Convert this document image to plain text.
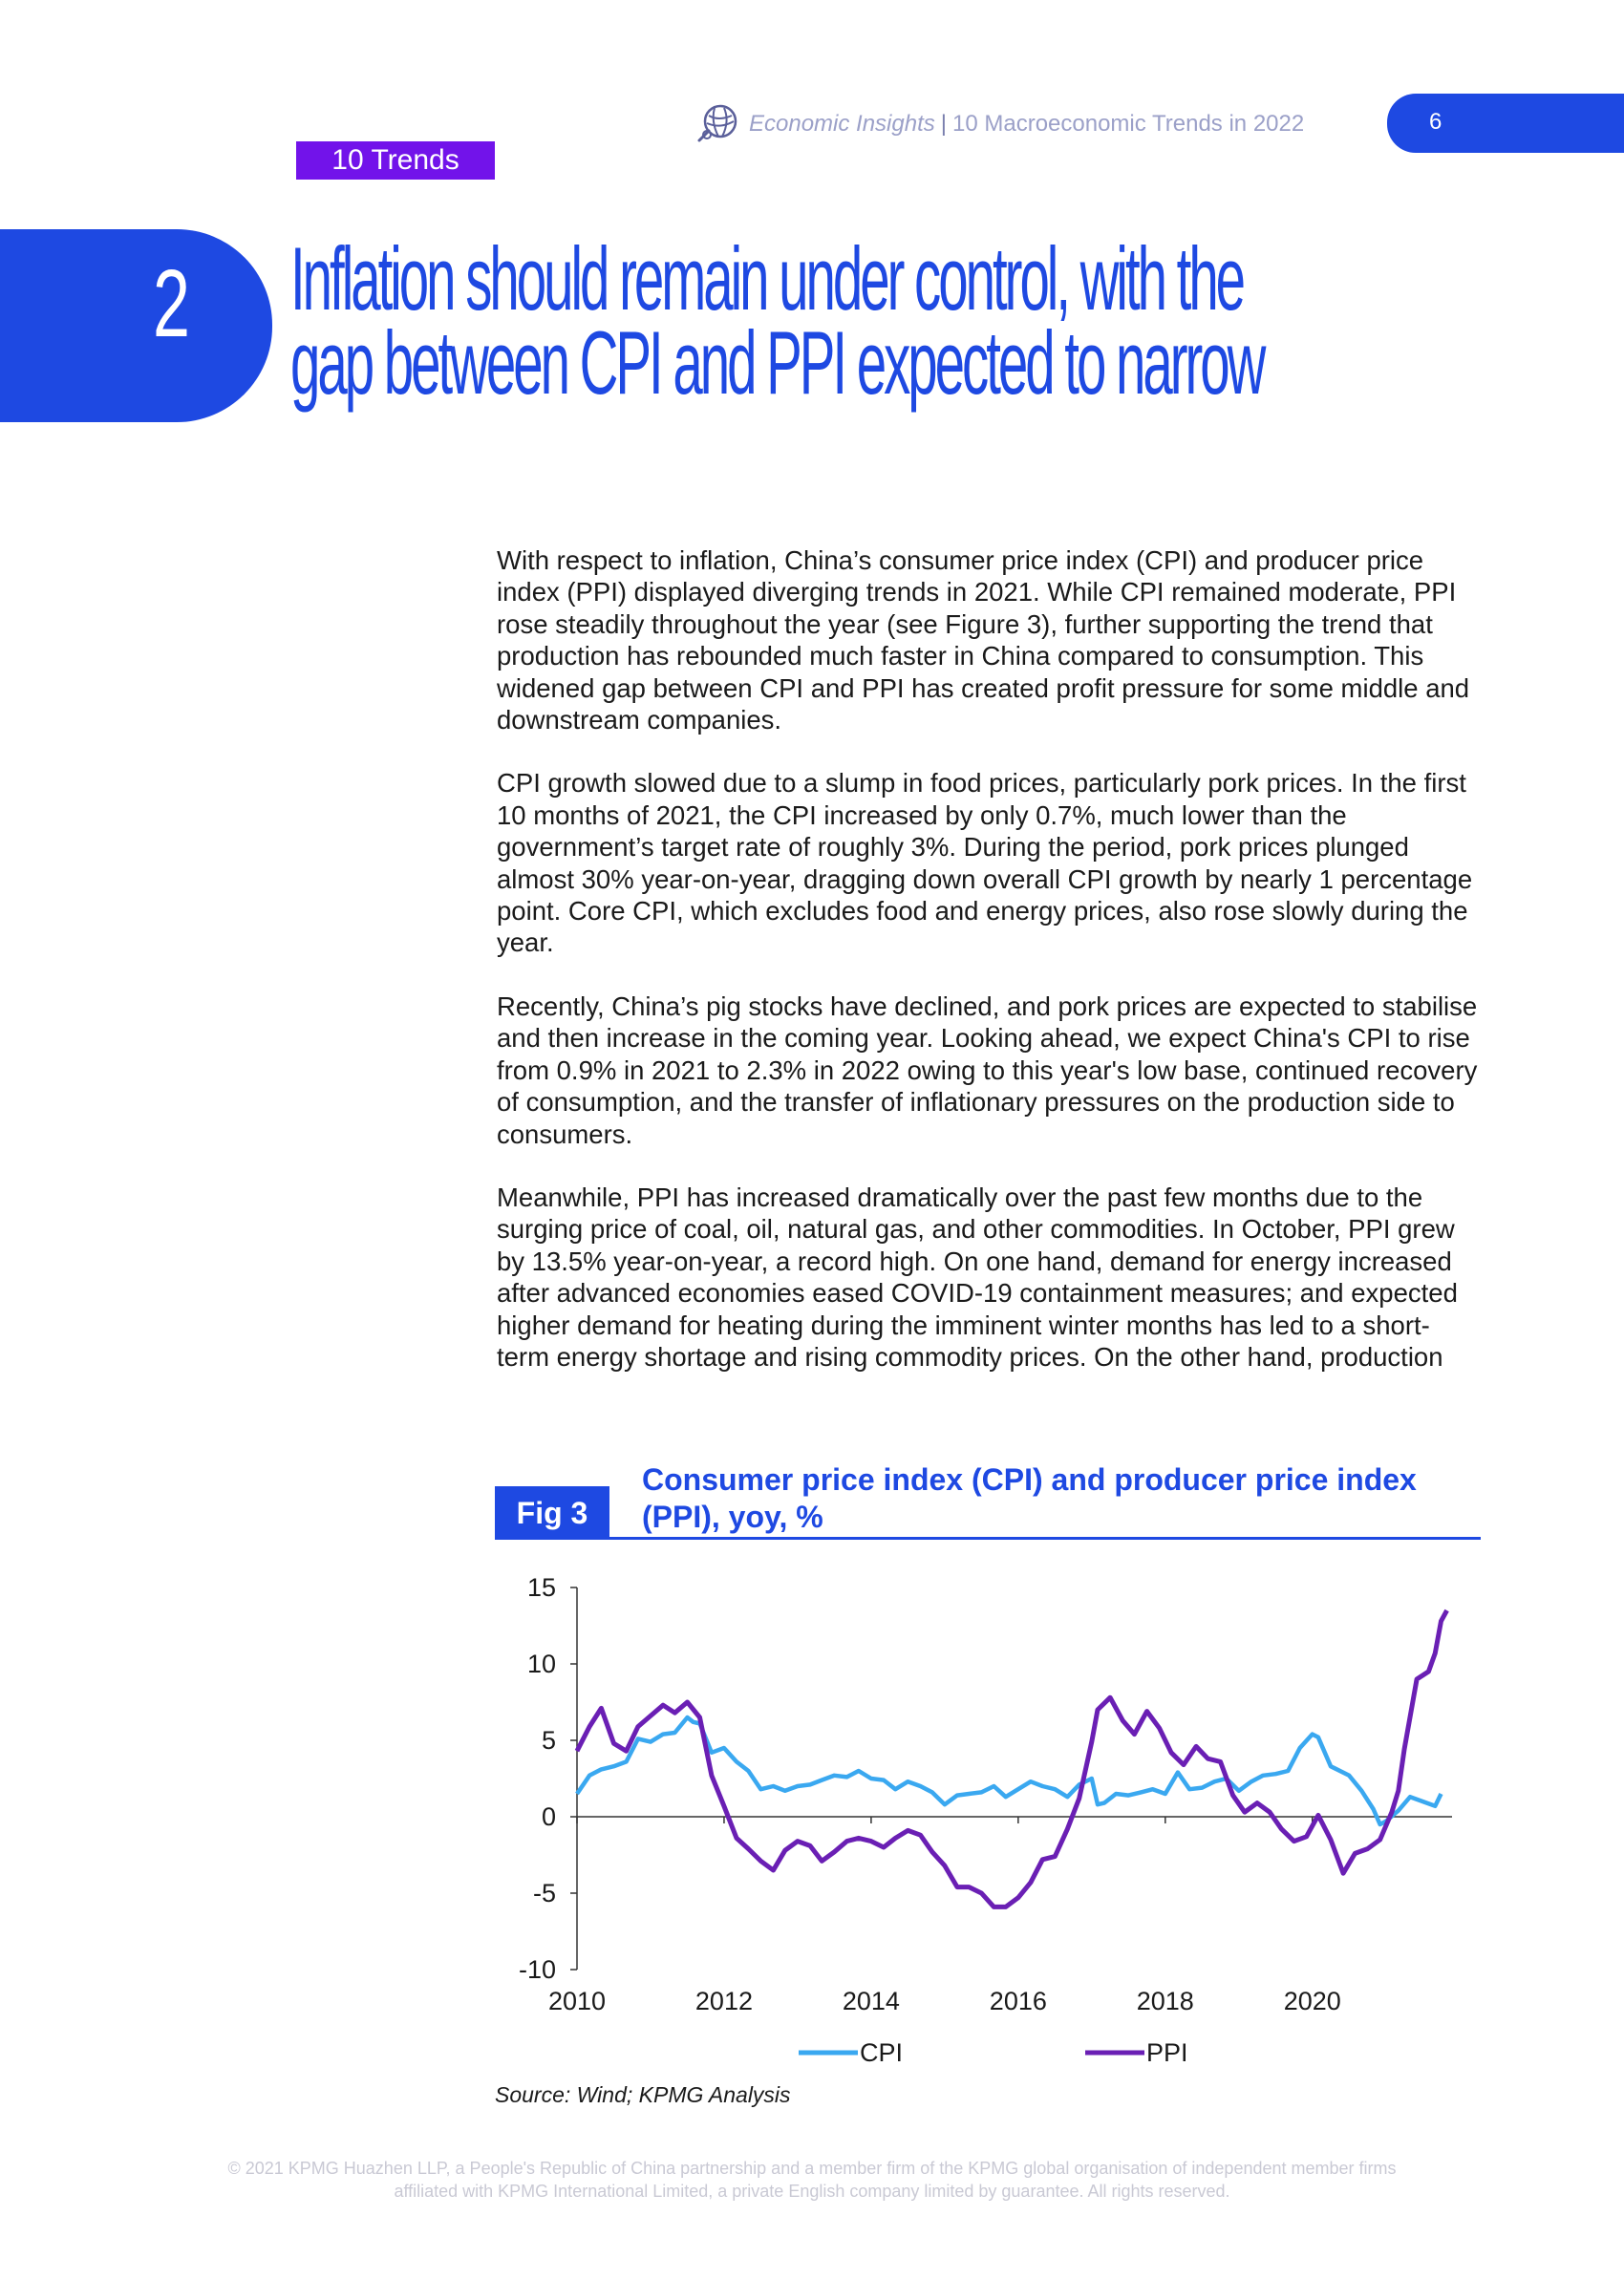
Economic Insights | 10 Macroeconomic Trends in 2022	6
10 Trends
2 Inflation should remain under control, with the
gap between CPI and PPI expected to narrow

With respect to inflation, China’s consumer price index (CPI) and producer price index (PPI) displayed diverging trends in 2021. While CPI remained moderate, PPI rose steadily throughout the year (see Figure 3), further supporting the trend that production has rebounded much faster in China compared to consumption. This widened gap between CPI and PPI has created profit pressure for some middle and downstream companies.

CPI growth slowed due to a slump in food prices, particularly pork prices. In the first 10 months of 2021, the CPI increased by only 0.7%, much lower than the government’s target rate of roughly 3%. During the period, pork prices plunged almost 30% year-on-year, dragging down overall CPI growth by nearly 1 percentage point. Core CPI, which excludes food and energy prices, also rose slowly during the year.

Recently, China’s pig stocks have declined, and pork prices are expected to stabilise and then increase in the coming year. Looking ahead, we expect China's CPI to rise from 0.9% in 2021 to 2.3% in 2022 owing to this year's low base, continued recovery of consumption, and the transfer of inflationary pressures on the production side to consumers.

Meanwhile, PPI has increased dramatically over the past few months due to the surging price of coal, oil, natural gas, and other commodities. In October, PPI grew by 13.5% year-on-year, a record high. On one hand, demand for energy increased after advanced economies eased COVID-19 containment measures; and expected higher demand for heating during the imminent winter months has led to a short-term energy shortage and rising commodity prices. On the other hand, production

Fig 3
Consumer price index (CPI) and producer price index (PPI), yoy, %
15
10
5
0
-5
-10
2010	2012	2014	2016	2018	2020
CPI	PPI
Source: Wind; KPMG Analysis
© 2021 KPMG Huazhen LLP, a People's Republic of China partnership and a member firm of the KPMG global organisation of independent member firms
affiliated with KPMG International Limited, a private English company limited by guarantee. All rights reserved.
